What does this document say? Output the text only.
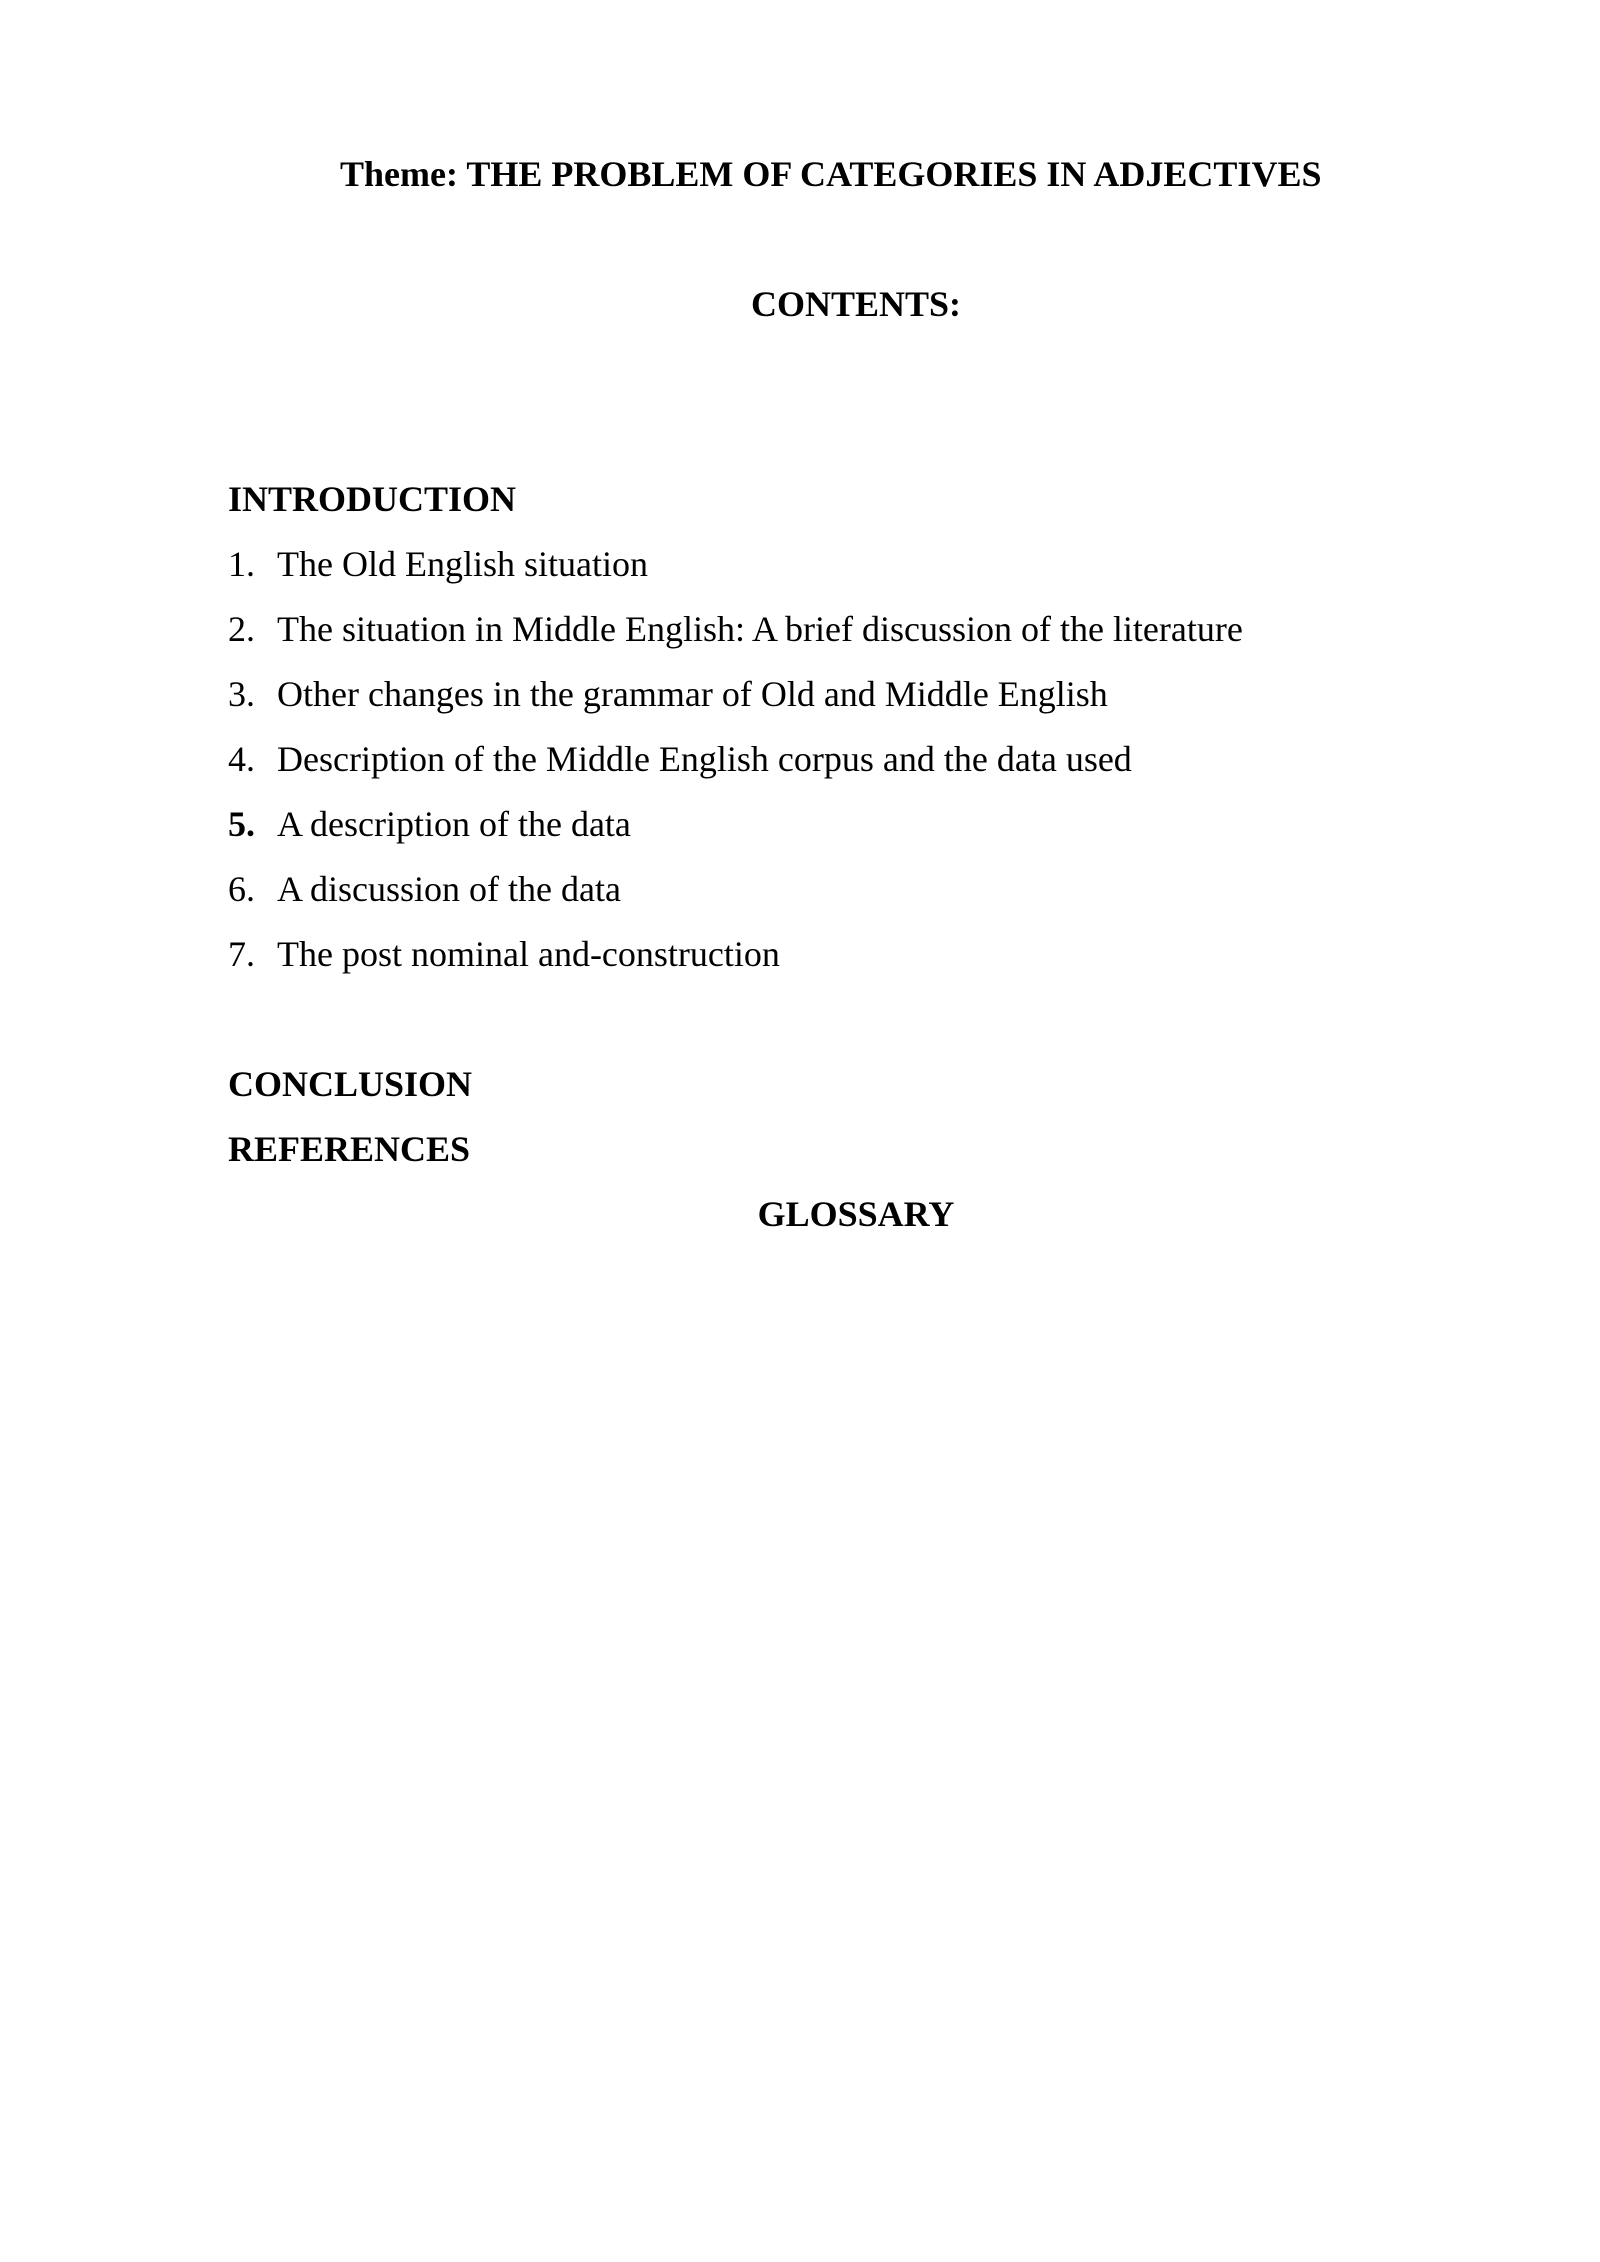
Theme: THE PROBLEM OF CATEGORIES IN ADJECTIVES
CONTENTS:
INTRODUCTION
1. The Old English situation
2. The situation in Middle English: A brief discussion of the literature
3. Other changes in the grammar of Old and Middle English
4. Description of the Middle English corpus and the data used
5. A description of the data
6. A discussion of the data
7. The post nominal and-construction
CONCLUSION
REFERENCES
GLOSSARY
